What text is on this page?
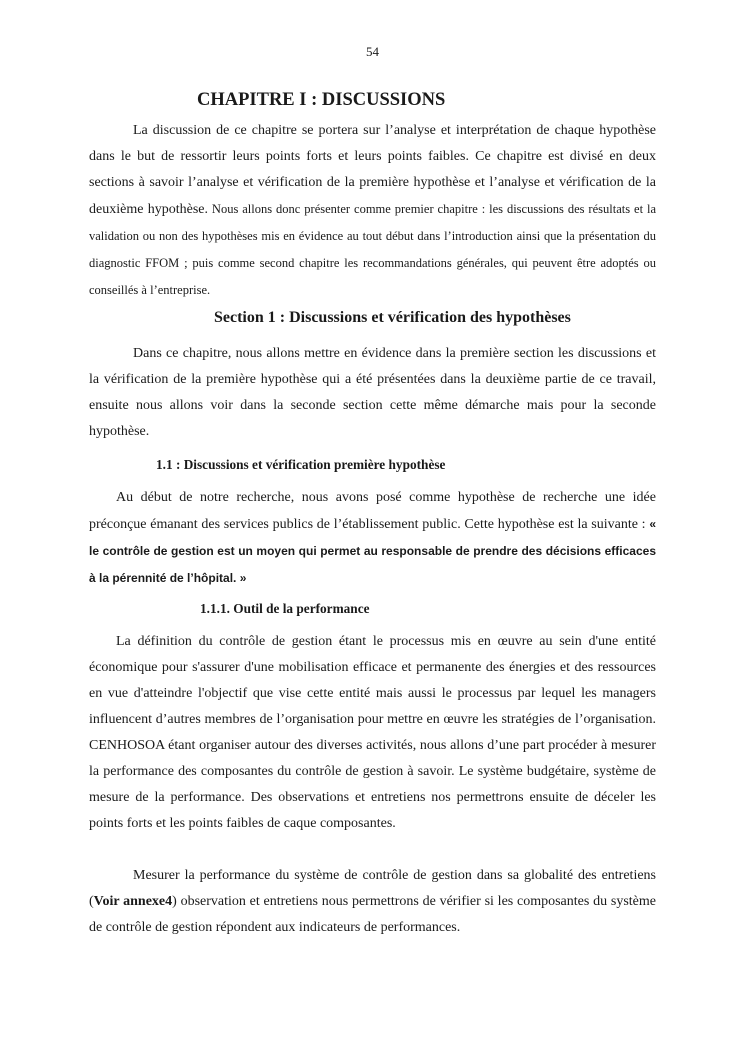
54
CHAPITRE I : DISCUSSIONS

La discussion de ce chapitre se portera sur l’analyse et interprétation de chaque hypothèse dans le but de ressortir leurs points forts et leurs points faibles. Ce chapitre est divisé en deux sections à savoir l’analyse et vérification de la première hypothèse et l’analyse et vérification de la deuxième hypothèse. Nous allons donc présenter comme premier chapitre : les discussions des résultats et la validation ou non des hypothèses mis en évidence au tout début dans l’introduction ainsi que la présentation du diagnostic FFOM ; puis comme second chapitre les recommandations générales, qui peuvent être adoptés ou conseillés à l’entreprise.

Section 1 : Discussions et vérification des hypothèses

Dans ce chapitre, nous allons mettre en évidence dans la première section les discussions et la vérification de la première hypothèse qui a été présentées dans la deuxième partie de ce travail, ensuite nous allons voir dans la seconde section cette même démarche mais pour la seconde hypothèse.

1.1 : Discussions et vérification première hypothèse

Au début de notre recherche, nous avons posé comme hypothèse de recherche une idée préconçue émanant des services publics de l’établissement public. Cette hypothèse est la suivante : « le contrôle de gestion est un moyen qui permet au responsable de prendre des décisions efficaces à la pérennité de l’hôpital. »

1.1.1. Outil de la performance

La définition du contrôle de gestion étant le processus mis en œuvre au sein d'une entité économique pour s'assurer d'une mobilisation efficace et permanente des énergies et des ressources en vue d'atteindre l'objectif que vise cette entité mais aussi le processus par lequel les managers influencent d’autres membres de l’organisation pour mettre en œuvre les stratégies de l’organisation. CENHOSOA étant organiser autour des diverses activités, nous allons d’une part procéder à mesurer la performance des composantes du contrôle de gestion à savoir. Le système budgétaire, système de mesure de la performance. Des observations et entretiens nos permettrons ensuite de déceler les points forts et les points faibles de caque composantes.

Mesurer la performance du système de contrôle de gestion dans sa globalité des entretiens (Voir annexe4) observation et entretiens nous permettrons de vérifier si les composantes du système de contrôle de gestion répondent aux indicateurs de performances.
